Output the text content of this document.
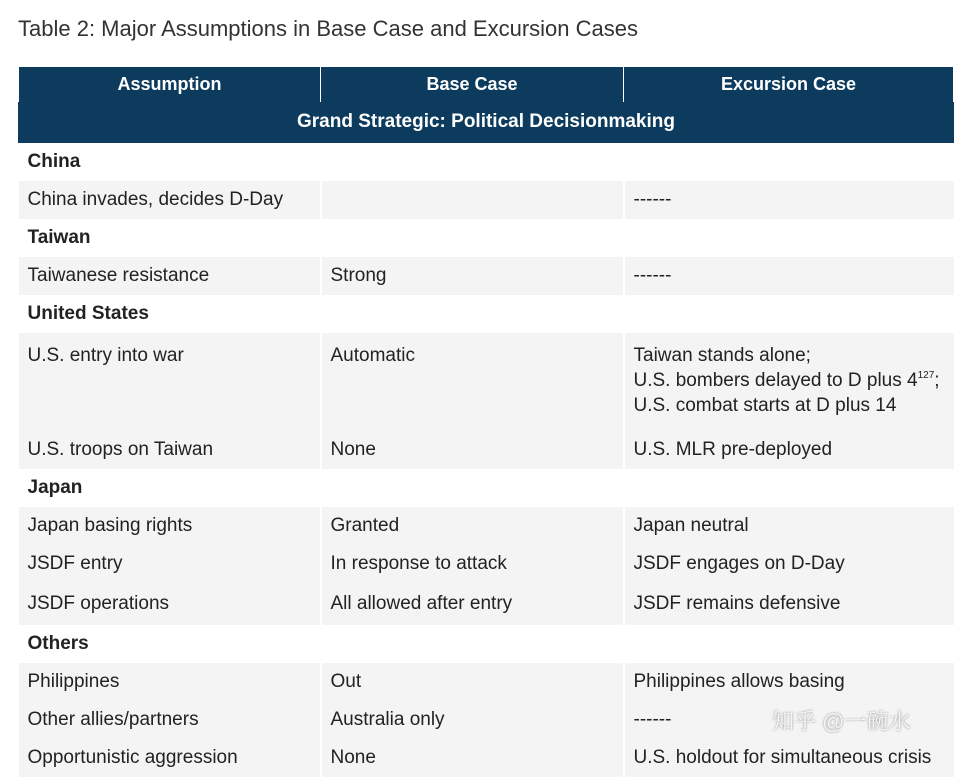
Table 2: Major Assumptions in Base Case and Excursion Cases
Assumption	Base Case	Excursion Case
Grand Strategic: Political Decisionmaking		
China		
China invades, decides D-Day		------
Taiwan		
Taiwanese resistance	Strong	------
United States		
U.S. entry into war	Automatic	Taiwan stands alone;
U.S. bombers delayed to D plus $4^{127}$;
U.S. combat starts at D plus 14

U.S. troops on Taiwan	None	U.S. MLR pre-deployed
Japan		
Japan basing rights	Granted	Japan neutral
JSDF entry	In response to attack	JSDF engages on D-Day
JSDF operations	All allowed after entry	JSDF remains defensive
Others		
Philippines	Out	Philippines allows basing
Other allies/partners	Australia only	------
Opportunistic aggression	None	U.S. holdout for simultaneous crisis
知乎 @一碗水
